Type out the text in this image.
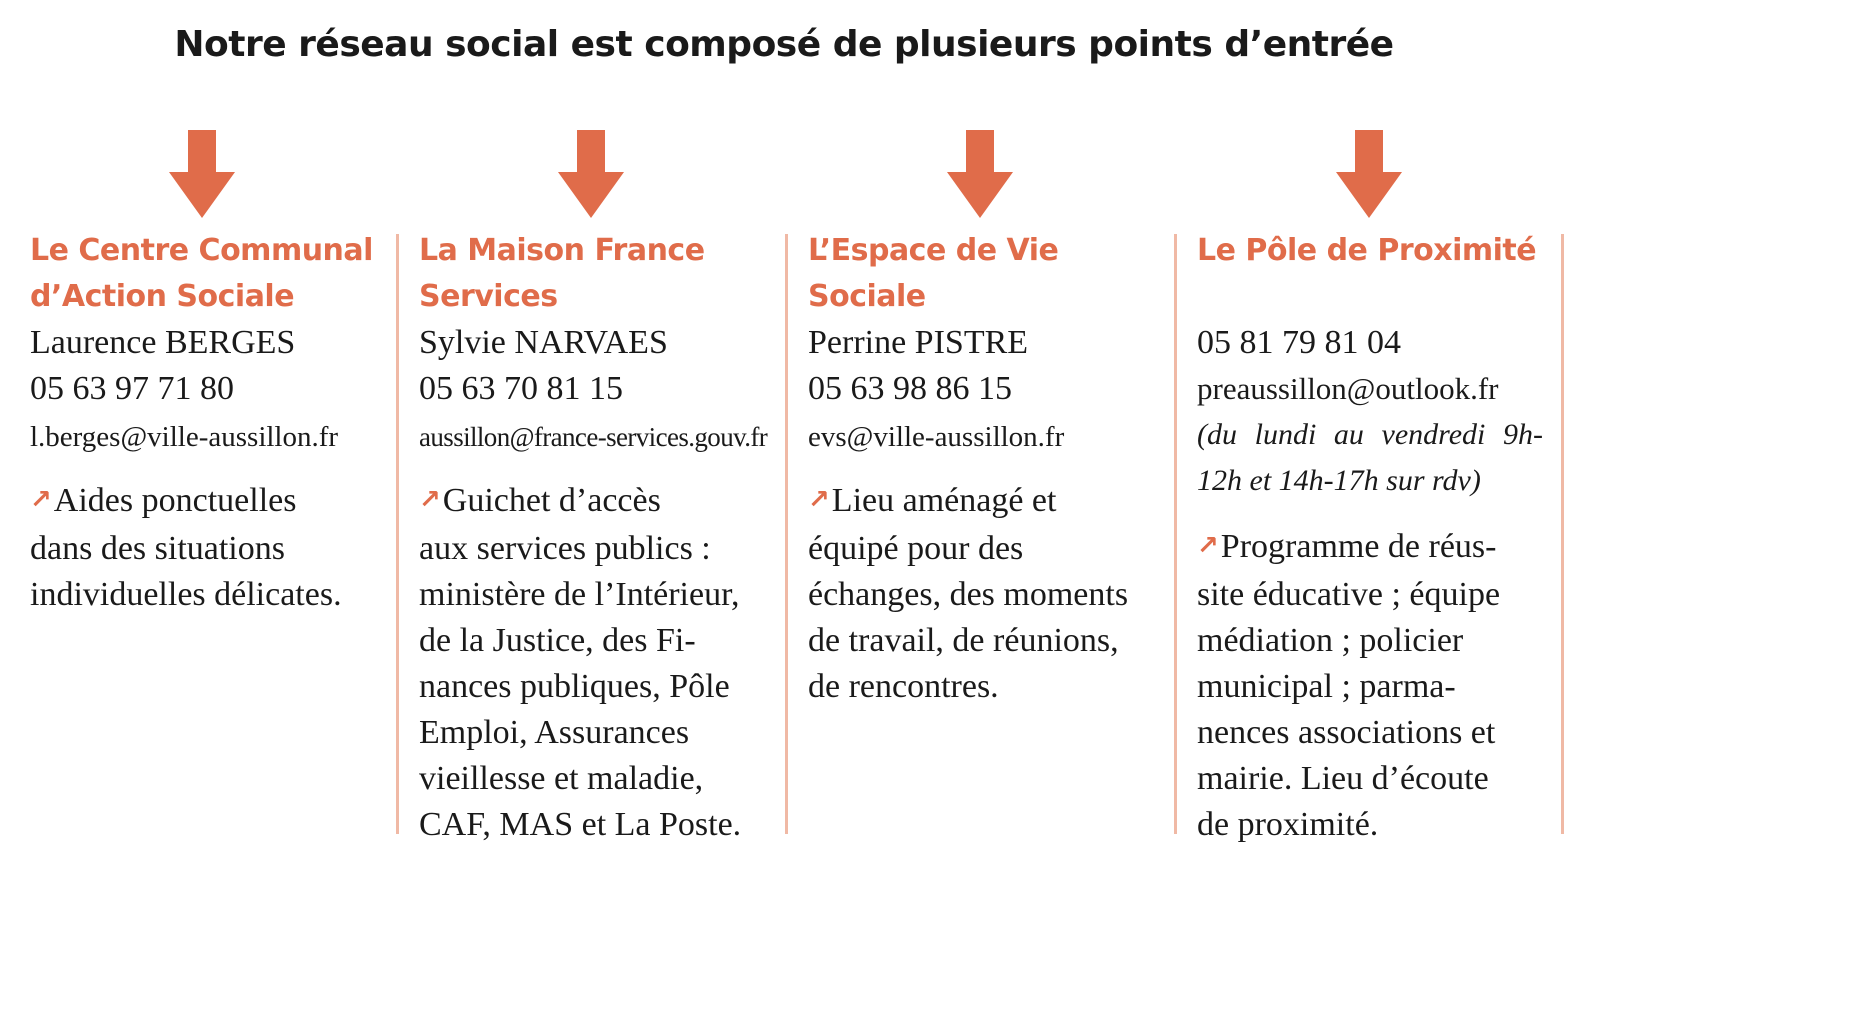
Notre réseau social est composé de plusieurs points d’entrée
Le Centre Communal
d’Action Sociale
Laurence BERGES
05 63 97 71 80
l.berges@ville-aussillon.fr

↗Aides ponctuelles
dans des situations
individuelles délicates.

La Maison France
Services
Sylvie NARVAES
05 63 70 81 15
aussillon@france-services.gouv.fr

↗Guichet d’accès
aux services publics :
ministère de l’Intérieur,
de la Justice, des Fi-
nances publiques, Pôle
Emploi, Assurances
vieillesse et maladie,
CAF, MAS et La Poste.

L’Espace de Vie
Sociale
Perrine PISTRE
05 63 98 86 15
evs@ville-aussillon.fr

↗Lieu aménagé et
équipé pour des
échanges, des moments
de travail, de réunions,
de rencontres.

Le Pôle de Proximité
05 81 79 81 04
preaussillon@outlook.fr
(du lundi au vendredi 9h-12h et 14h-17h sur rdv)

↗Programme de réus-
site éducative ; équipe
médiation ; policier
municipal ; parma-
nences associations et
mairie. Lieu d’écoute
de proximité.
